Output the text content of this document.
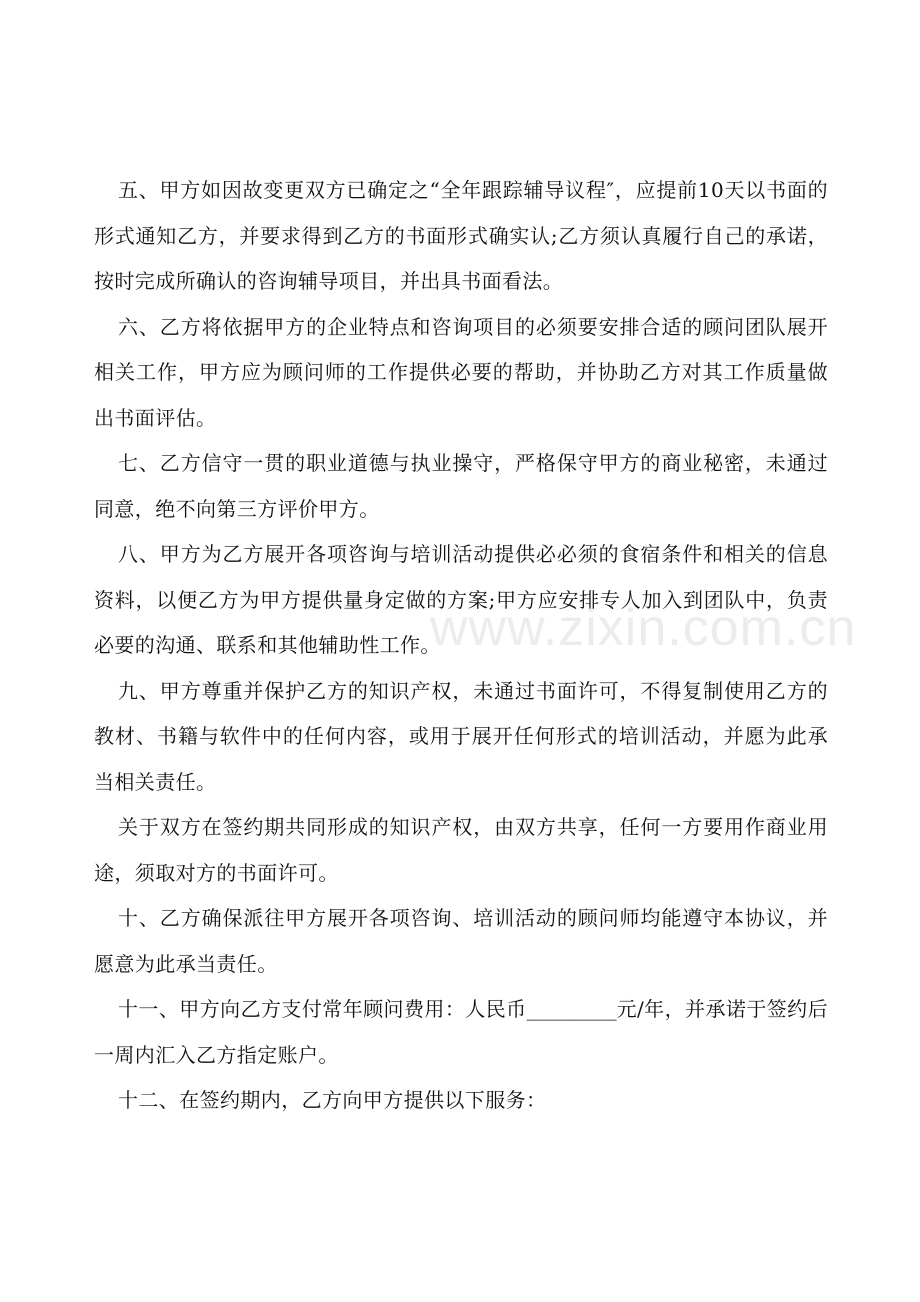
五、甲方如因故变更双方已确定之“全年跟踪辅导议程″，应提前10天以书面的形式通知乙方，并要求得到乙方的书面形式确实认;乙方须认真履行自己的承诺，按时完成所确认的咨询辅导项目，并出具书面看法。

六、乙方将依据甲方的企业特点和咨询项目的必须要安排合适的顾问团队展开相关工作，甲方应为顾问师的工作提供必要的帮助，并协助乙方对其工作质量做出书面评估。

七、乙方信守一贯的职业道德与执业操守，严格保守甲方的商业秘密，未通过同意，绝不向第三方评价甲方。

八、甲方为乙方展开各项咨询与培训活动提供必必须的食宿条件和相关的信息资料，以便乙方为甲方提供量身定做的方案;甲方应安排专人加入到团队中，负责必要的沟通、联系和其他辅助性工作。

九、甲方尊重并保护乙方的知识产权，未通过书面许可，不得复制使用乙方的教材、书籍与软件中的任何内容，或用于展开任何形式的培训活动，并愿为此承当相关责任。

关于双方在签约期共同形成的知识产权，由双方共享，任何一方要用作商业用途，须取对方的书面许可。

十、乙方确保派往甲方展开各项咨询、培训活动的顾问师均能遵守本协议，并愿意为此承当责任。

十一、甲方向乙方支付常年顾问费用：人民币_________元/年，并承诺于签约后一周内汇入乙方指定账户。

十二、在签约期内，乙方向甲方提供以下服务：

www.zixin.com.cn
